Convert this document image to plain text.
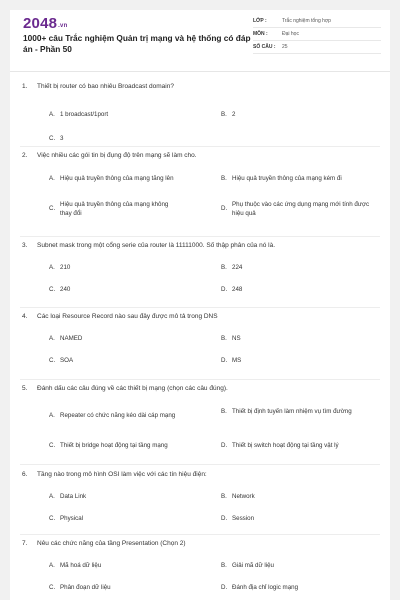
2048.vn
1000+ câu Trắc nghiệm Quản trị mạng và hệ thống có đáp án - Phần 50
LỚP :	Trắc nghiệm tổng hợp
MÔN :	Đại học
SỐ CÂU :	25
1.	Thiết bị router có bao nhiêu Broadcast domain?
A. 1 broadcast/1port	B. 2
C. 3
2.	Việc nhiều các gói tin bị đụng độ trên mạng sẽ làm cho.
A. Hiệu quả truyền thông của mạng tăng lên	B. Hiệu quả truyền thông của mạng kém đi
C.
Hiệu quả truyền thông của mạng không thay đổi
D.
Phụ thuộc vào các ứng dụng mạng mới tính được hiệu quả
3.	Subnet mask trong một cổng serie của router là 11111000. Số thập phân của nó là.
A. 210	B. 224
C. 240	D. 248
4.	Các loại Resource Record nào sau đây được mô tả trong DNS
A. NAMED	B. NS
C. SOA	D. MS
5.	Đánh dấu các câu đúng về các thiết bị mạng (chọn các câu đúng).
A. Repeater có chức năng kéo dài cáp mạng
B. Thiết bị định tuyến làm nhiệm vụ tìm đường
C. Thiết bị bridge hoạt động tại tầng mạng	D. Thiết bị switch hoạt động tại tầng vật lý
6.	Tầng nào trong mô hình OSI làm việc với các tín hiệu điện:
A. Data Link	B. Network
C. Physical	D. Session
7.	Nêu các chức năng của tầng Presentation (Chọn 2)
A. Mã hoá dữ liệu	B. Giải mã dữ liệu
C. Phân đoạn dữ liệu	D. Đánh địa chỉ logic mạng
